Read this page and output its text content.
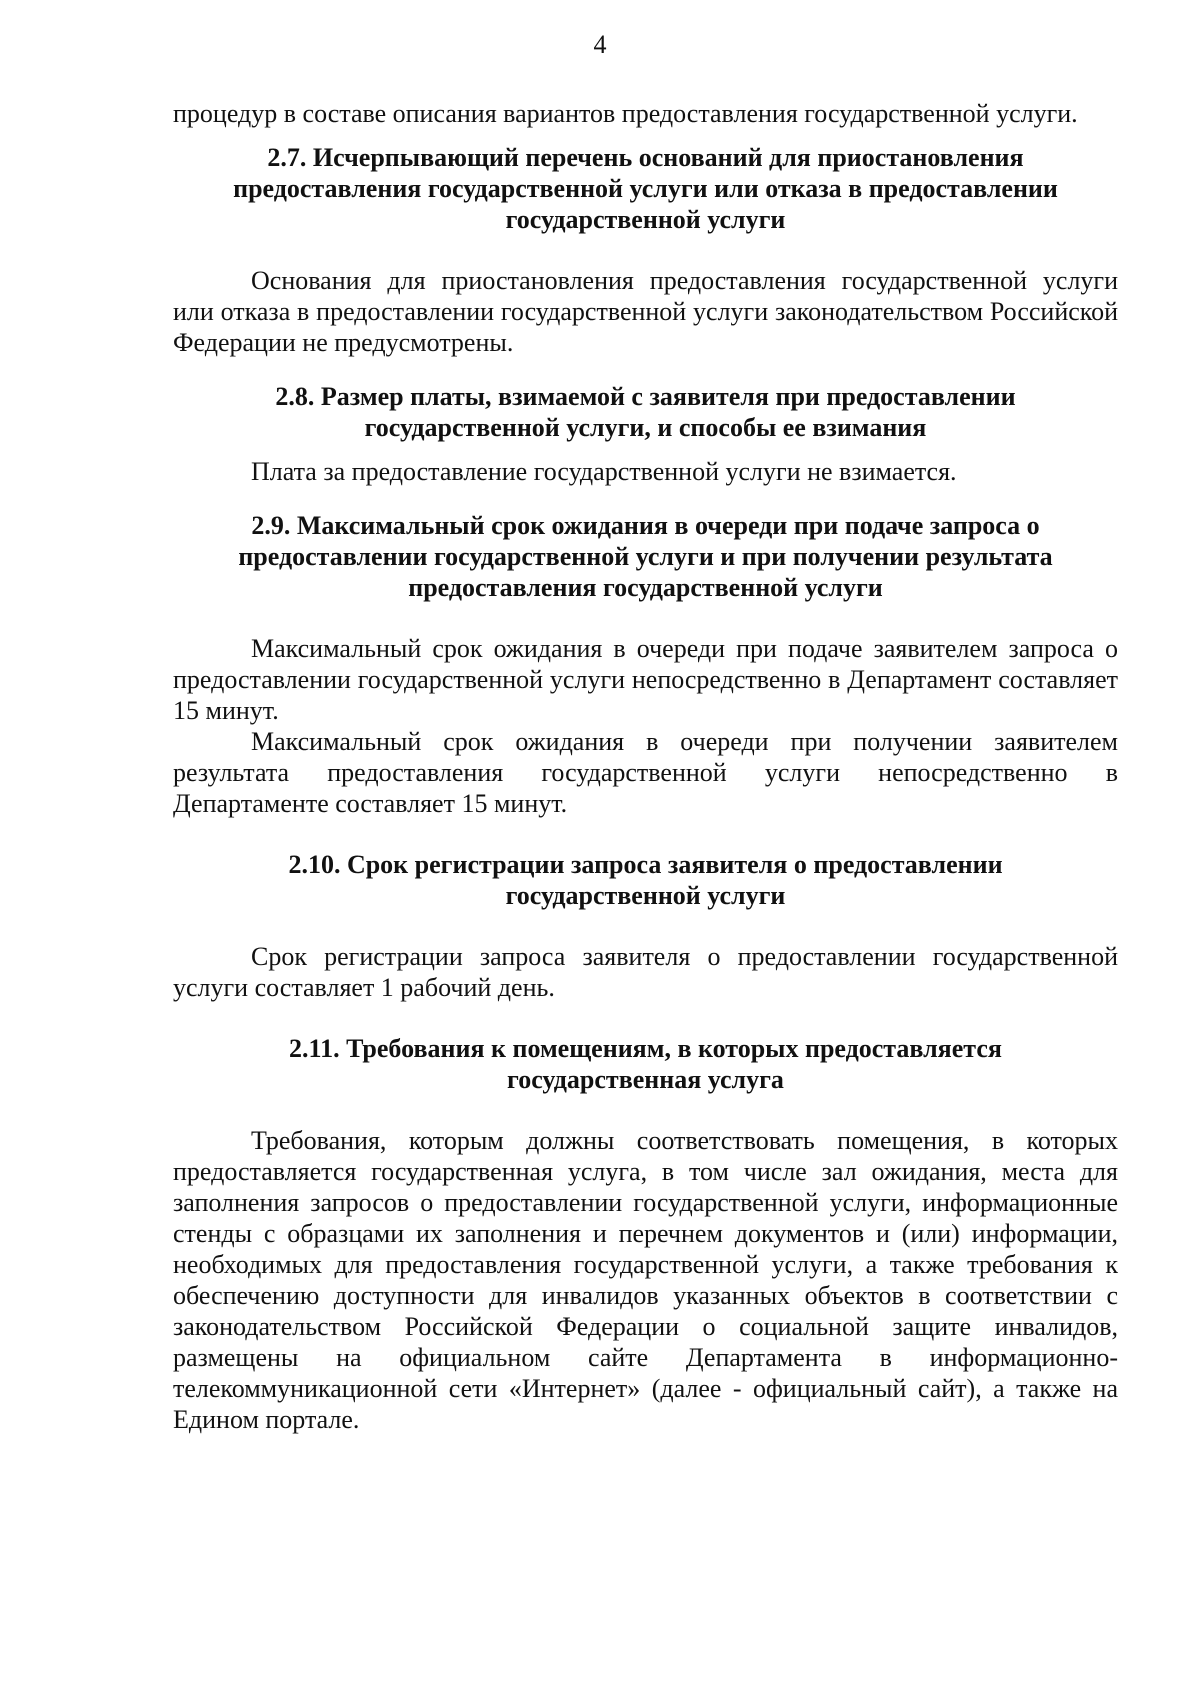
4

процедур в составе описания вариантов предоставления государственной услуги.

2.7. Исчерпывающий перечень оснований для приостановления предоставления государственной услуги или отказа в предоставлении государственной услуги

Основания для приостановления предоставления государственной услуги или отказа в предоставлении государственной услуги законодательством Российской Федерации не предусмотрены.

2.8. Размер платы, взимаемой с заявителя при предоставлении государственной услуги, и способы ее взимания

Плата за предоставление государственной услуги не взимается.

2.9. Максимальный срок ожидания в очереди при подаче запроса о предоставлении государственной услуги и при получении результата предоставления государственной услуги

Максимальный срок ожидания в очереди при подаче заявителем запроса о предоставлении государственной услуги непосредственно в Департамент составляет 15 минут.

Максимальный срок ожидания в очереди при получении заявителем результата предоставления государственной услуги непосредственно в Департаменте составляет 15 минут.

2.10. Срок регистрации запроса заявителя о предоставлении государственной услуги

Срок регистрации запроса заявителя о предоставлении государственной услуги составляет 1 рабочий день.

2.11. Требования к помещениям, в которых предоставляется государственная услуга

Требования, которым должны соответствовать помещения, в которых предоставляется государственная услуга, в том числе зал ожидания, места для заполнения запросов о предоставлении государственной услуги, информационные стенды с образцами их заполнения и перечнем документов и (или) информации, необходимых для предоставления государственной услуги, а также требования к обеспечению доступности для инвалидов указанных объектов в соответствии с законодательством Российской Федерации о социальной защите инвалидов, размещены на официальном сайте Департамента в информационно-телекоммуникационной сети «Интернет» (далее - официальный сайт), а также на Едином портале.
